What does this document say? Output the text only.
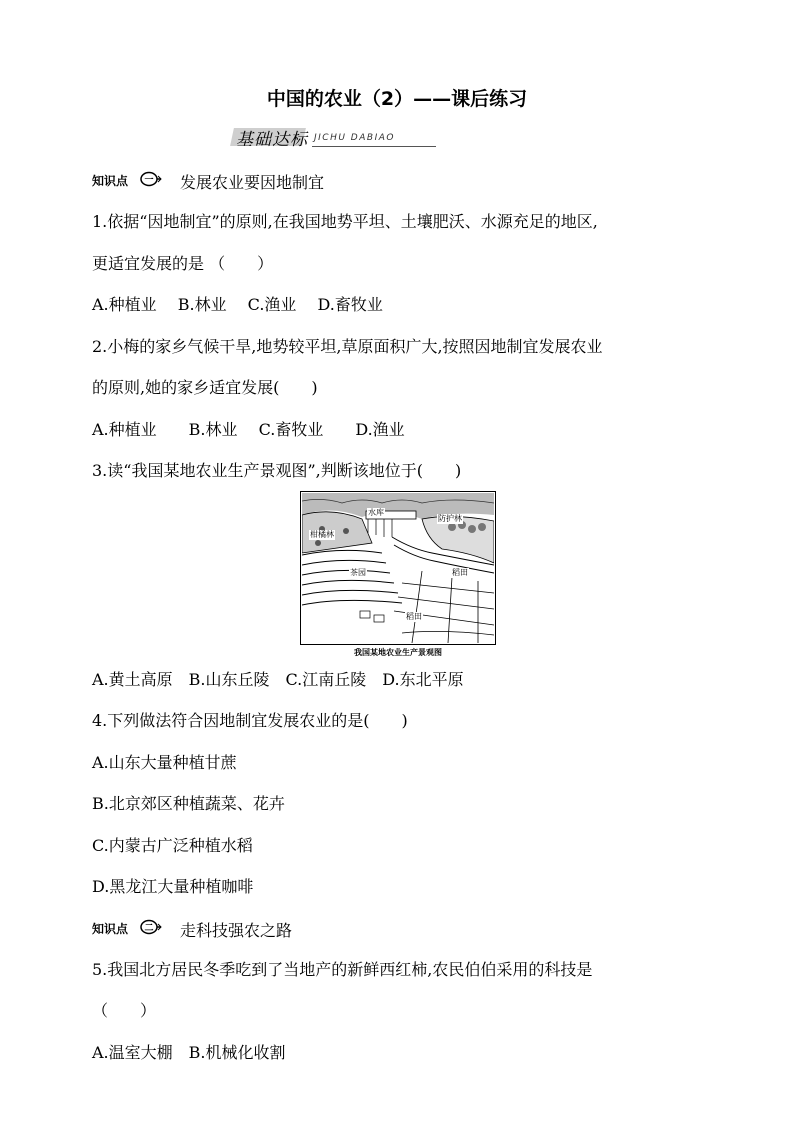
中国的农业（2）——课后练习
基础达标 JICHU DABIAO
知识点 一 发展农业要因地制宜
1.依据“因地制宜”的原则,在我国地势平坦、土壤肥沃、水源充足的地区,
更适宜发展的是 （　　）
A.种植业　 B.林业　 C.渔业　 D.畜牧业
2.小梅的家乡气候干旱,地势较平坦,草原面积广大,按照因地制宜发展农业
的原则,她的家乡适宜发展(　　)
A.种植业　　B.林业　 C.畜牧业　　D.渔业
3.读“我国某地农业生产景观图”,判断该地位于(　　)
水库
防护林
柑橘林
茶园	稻田
稻田
我国某地农业生产景观图
A.黄土高原　B.山东丘陵　C.江南丘陵　D.东北平原
4.下列做法符合因地制宜发展农业的是(　　)
A.山东大量种植甘蔗
B.北京郊区种植蔬菜、花卉
C.内蒙古广泛种植水稻
D.黑龙江大量种植咖啡
知识点 二 走科技强农之路
5.我国北方居民冬季吃到了当地产的新鲜西红柿,农民伯伯采用的科技是
（　　）
A.温室大棚　B.机械化收割
